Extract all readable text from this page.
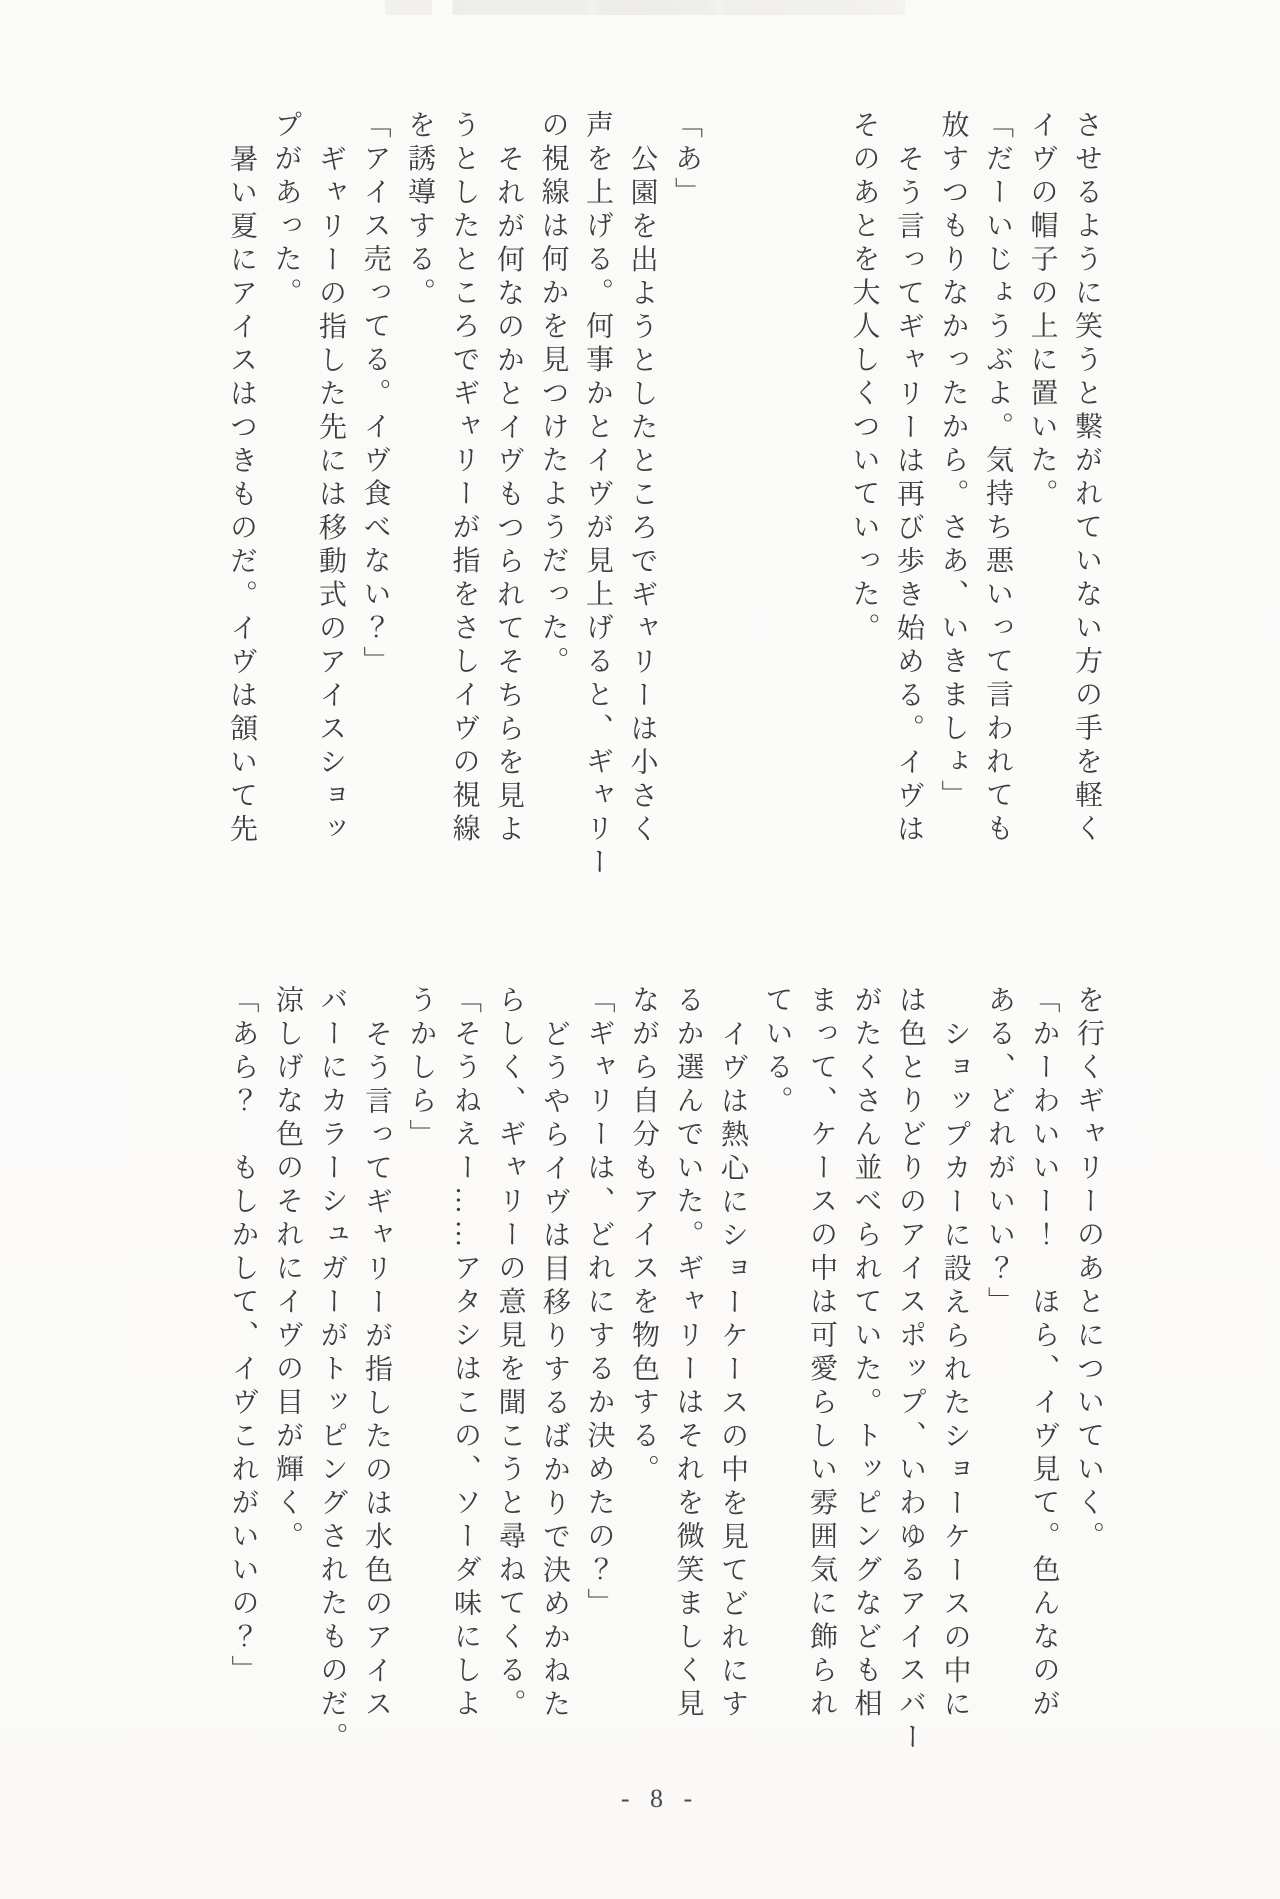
させるように笑うと繋がれていない方の手を軽く
イヴの帽子の上に置いた。
「だーいじょうぶよ。気持ち悪いって言われても
放すつもりなかったから。さあ、いきましょ」
そう言ってギャリーは再び歩き始める。イヴは
そのあとを大人しくついていった。
「あ」
公園を出ようとしたところでギャリーは小さく
声を上げる。何事かとイヴが見上げると、ギャリー
の視線は何かを見つけたようだった。
それが何なのかとイヴもつられてそちらを見よ
うとしたところでギャリーが指をさしイヴの視線
を誘導する。
「アイス売ってる。イヴ食べない？」
ギャリーの指した先には移動式のアイスショッ
プがあった。
暑い夏にアイスはつきものだ。イヴは頷いて先
を行くギャリーのあとについていく。
「かーわいいー！　ほら、イヴ見て。色んなのが
ある、どれがいい？」
ショップカーに設えられたショーケースの中に
は色とりどりのアイスポップ、いわゆるアイスバー
がたくさん並べられていた。トッピングなども相
まって、ケースの中は可愛らしい雰囲気に飾られ
ている。
イヴは熱心にショーケースの中を見てどれにす
るか選んでいた。ギャリーはそれを微笑ましく見
ながら自分もアイスを物色する。
「ギャリーは、どれにするか決めたの？」
どうやらイヴは目移りするばかりで決めかねた
らしく、ギャリーの意見を聞こうと尋ねてくる。
「そうねえー……アタシはこの、ソーダ味にしよ
うかしら」
そう言ってギャリーが指したのは水色のアイス
バーにカラーシュガーがトッピングされたものだ。
涼しげな色のそれにイヴの目が輝く。
「あら？　もしかして、イヴこれがいいの？」
- 8 -
